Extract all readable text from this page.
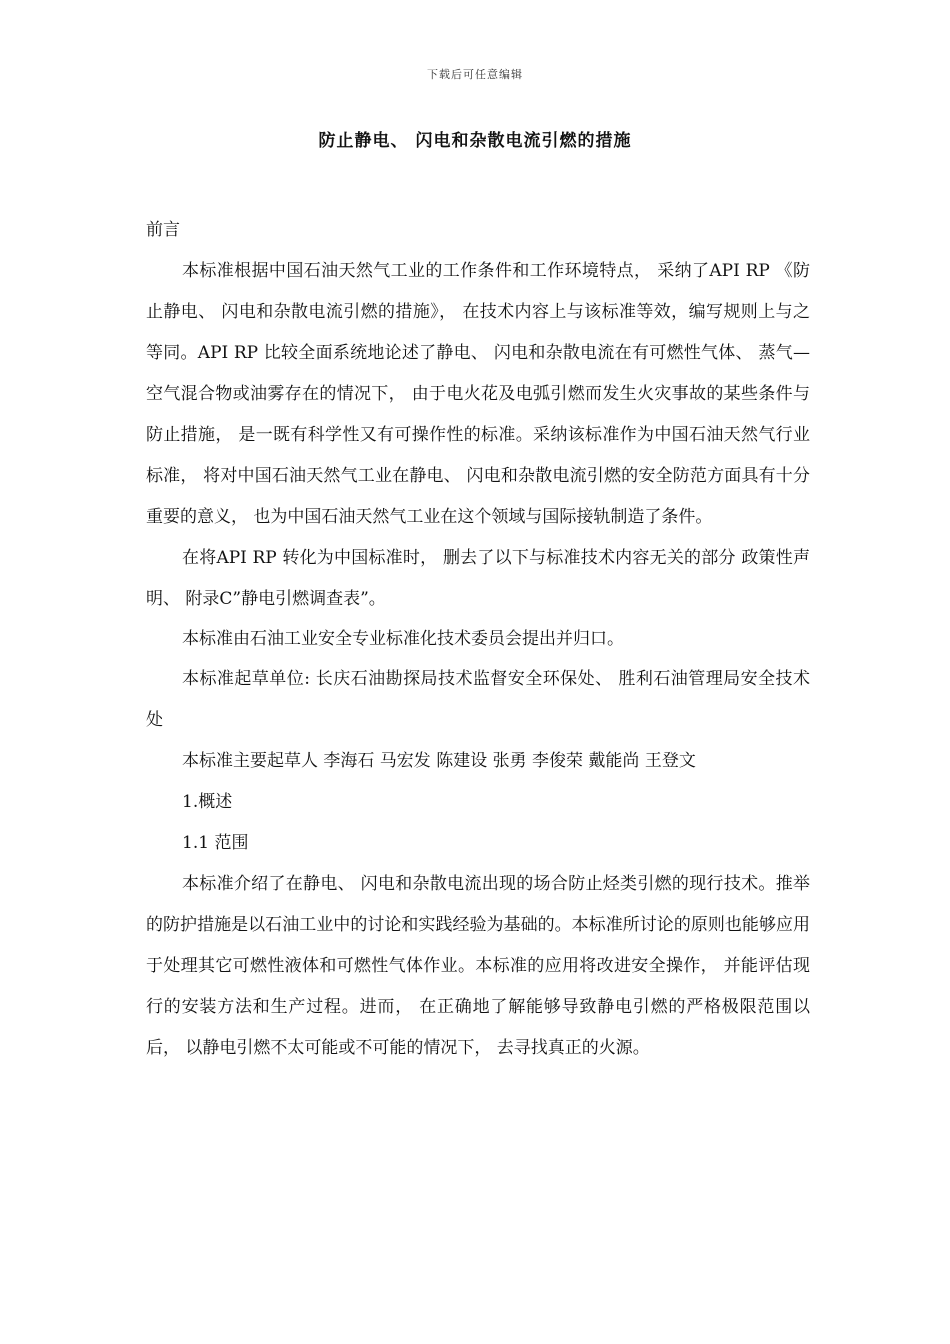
下载后可任意编辑
防止静电、 闪电和杂散电流引燃的措施

前言

本标准根据中国石油天然气工业的工作条件和工作环境特点， 采纳了API RP 《防止静电、 闪电和杂散电流引燃的措施》， 在技术内容上与该标准等效，编写规则上与之等同。API RP 比较全面系统地论述了静电、 闪电和杂散电流在有可燃性气体、 蒸气—空气混合物或油雾存在的情况下， 由于电火花及电弧引燃而发生火灾事故的某些条件与防止措施， 是一既有科学性又有可操作性的标准。采纳该标准作为中国石油天然气行业标准， 将对中国石油天然气工业在静电、 闪电和杂散电流引燃的安全防范方面具有十分重要的意义， 也为中国石油天然气工业在这个领域与国际接轨制造了条件。

在将API RP 转化为中国标准时， 删去了以下与标准技术内容无关的部分 政策性声明、 附录C”静电引燃调查表”。

本标准由石油工业安全专业标准化技术委员会提出并归口。

本标准起草单位: 长庆石油勘探局技术监督安全环保处、 胜利石油管理局安全技术处

本标准主要起草人 李海石 马宏发 陈建设 张勇 李俊荣 戴能尚 王登文

1.概述

1.1 范围

本标准介绍了在静电、 闪电和杂散电流出现的场合防止烃类引燃的现行技术。推举的防护措施是以石油工业中的讨论和实践经验为基础的。本标准所讨论的原则也能够应用于处理其它可燃性液体和可燃性气体作业。本标准的应用将改进安全操作， 并能评估现行的安装方法和生产过程。进而， 在正确地了解能够导致静电引燃的严格极限范围以后， 以静电引燃不太可能或不可能的情况下， 去寻找真正的火源。
